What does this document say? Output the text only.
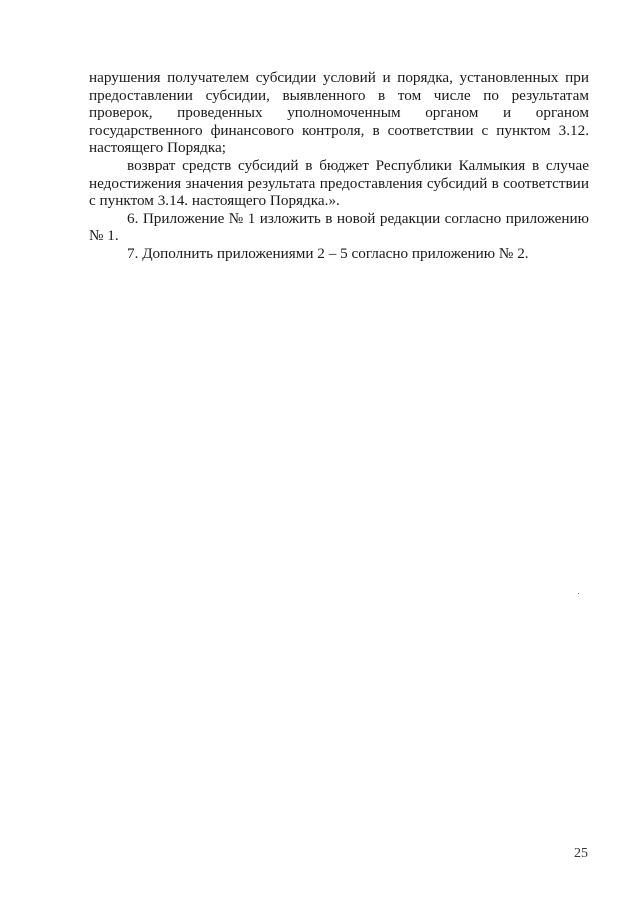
нарушения получателем субсидии условий и порядка, установленных при
предоставлении субсидии, выявленного в том числе по результатам
проверок, проведенных уполномоченным органом и органом
государственного финансового контроля, в соответствии с пунктом 3.12.
настоящего Порядка;
возврат средств субсидий в бюджет Республики Калмыкия в случае
недостижения значения результата предоставления субсидий в соответствии
с пунктом 3.14. настоящего Порядка.».
6. Приложение № 1 изложить в новой редакции согласно приложению
№ 1.
7. Дополнить приложениями 2 – 5 согласно приложению № 2.
25
